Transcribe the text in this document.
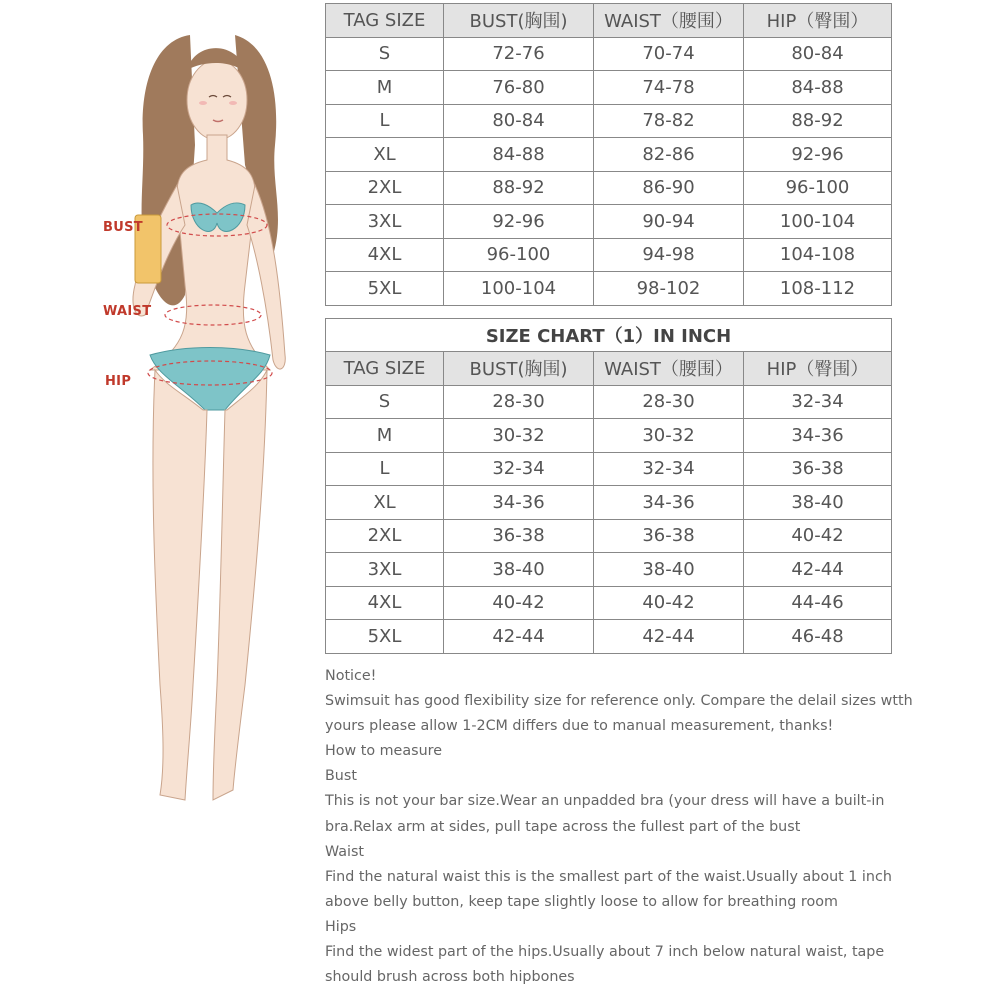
BUST
WAIST
HIP
TAG SIZE	BUST(胸围)	WAIST（腰围）	HIP（臀围）
S	72-76	70-74	80-84
M	76-80	74-78	84-88
L	80-84	78-82	88-92
XL	84-88	82-86	92-96
2XL	88-92	86-90	96-100
3XL	92-96	90-94	100-104
4XL	96-100	94-98	104-108
5XL	100-104	98-102	108-112
SIZE CHART（1）IN INCH			
TAG SIZE	BUST(胸围)	WAIST（腰围）	HIP（臀围）
S	28-30	28-30	32-34
M	30-32	30-32	34-36
L	32-34	32-34	36-38
XL	34-36	34-36	38-40
2XL	36-38	36-38	40-42
3XL	38-40	38-40	42-44
4XL	40-42	40-42	44-46
5XL	42-44	42-44	46-48
Notice!
Swimsuit has good flexibility size for reference only. Compare the delail sizes wtth
yours please allow 1-2CM differs due to manual measurement, thanks!
How to measure
Bust
This is not your bar size.Wear an unpadded bra (your dress will have a built-in
bra.Relax arm at sides, pull tape across the fullest part of the bust
Waist
Find the natural waist this is the smallest part of the waist.Usually about 1 inch
above belly button, keep tape slightly loose to allow for breathing room
Hips
Find the widest part of the hips.Usually about 7 inch below natural waist, tape
should brush across both hipbones
